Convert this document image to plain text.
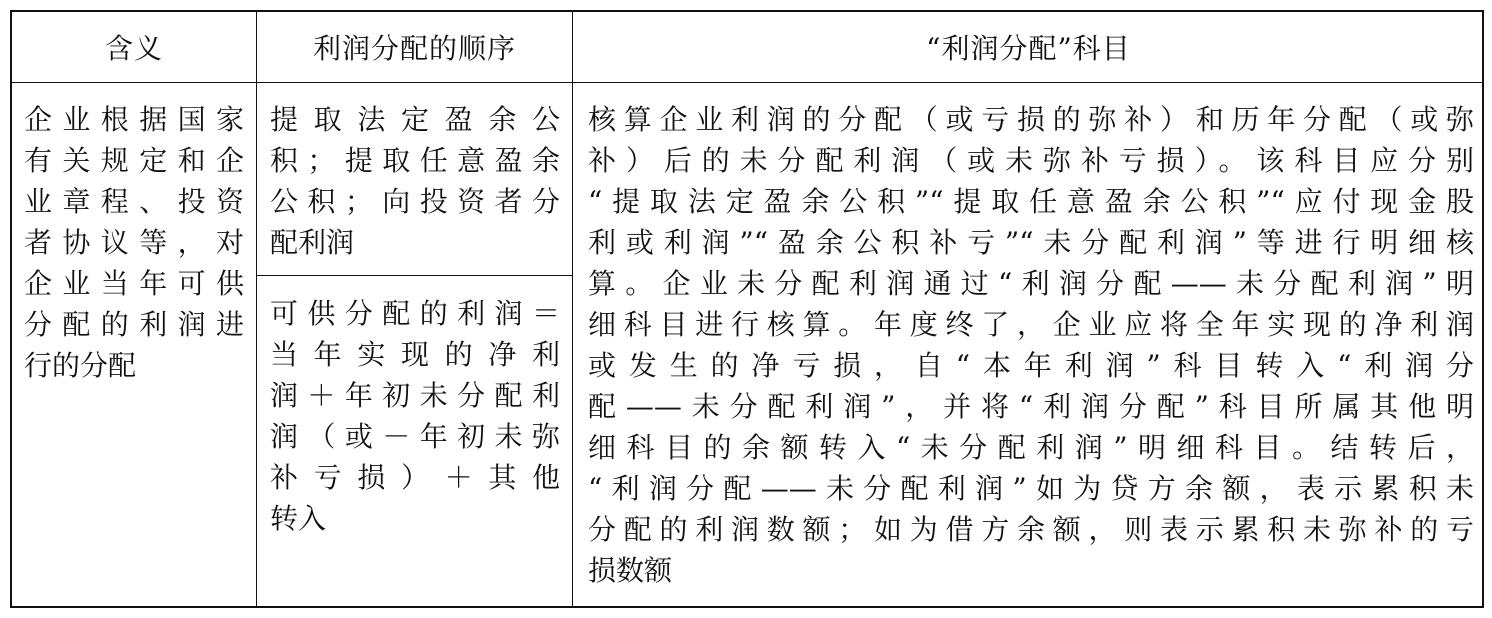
含义	利润分配的顺序	“利润分配”科目
企业根据国家
有关规定和企
业章程、投资
者协议等，对
企业当年可供
分配的利润进
行的分配
提取法定盈余公
积；提取任意盈余
公积；向投资者分
配利润
可供分配的利润＝
当年实现的净利
润＋年初未分配利
润（或－年初未弥
补亏损）＋其他
转入
核算企业利润的分配（或亏损的弥补）和历年分配（或弥
补）后的未分配利润（或未弥补亏损）。该科目应分别
“提取法定盈余公积”“提取任意盈余公积”“应付现金股
利或利润”“盈余公积补亏”“未分配利润”等进行明细核
算。企业未分配利润通过“利润分配——未分配利润”明
细科目进行核算。年度终了，企业应将全年实现的净利润
或发生的净亏损，自“本年利润”科目转入“利润分
配——未分配利润”，并将“利润分配”科目所属其他明
细科目的余额转入“未分配利润”明细科目。结转后，
“利润分配——未分配利润”如为贷方余额，表示累积未
分配的利润数额；如为借方余额，则表示累积未弥补的亏
损数额
